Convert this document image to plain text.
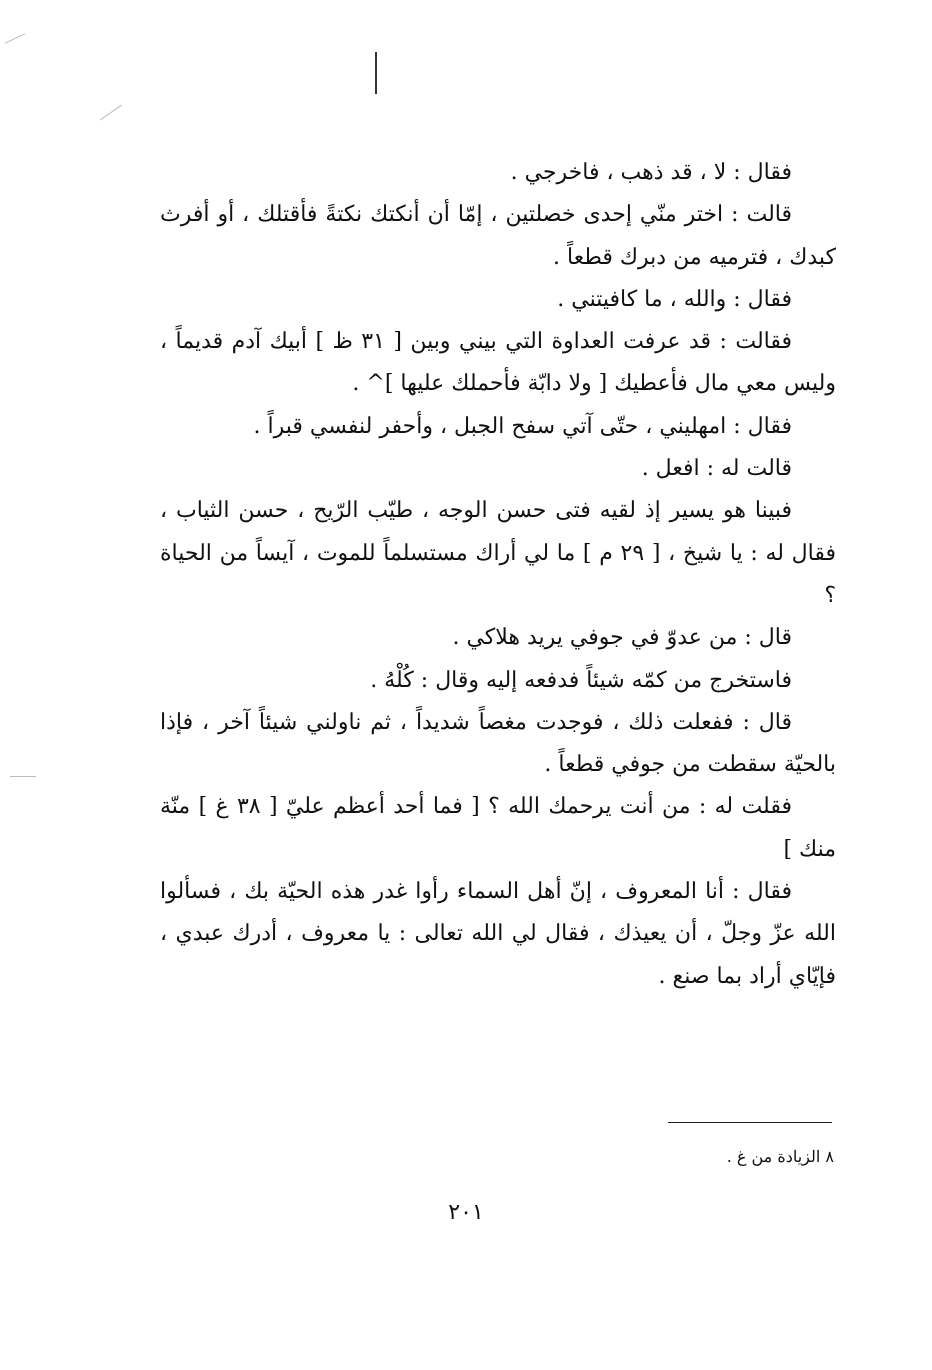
فقال : لا ، قد ذهب ، فاخرجي .

قالت : اختر منّي إحدى خصلتين ، إمّا أن أنكتك نكتةً فأقتلك ، أو أفرث كبدك ، فترميه من دبرك قطعاً .

فقال : والله ، ما كافيتني .

فقالت : قد عرفت العداوة التي بيني وبين [ ٣١ ظ ] أبيك آدم قديماً ، وليس معي مال فأعطيك [ ولا دابّة فأحملك عليها ]^ .

فقال : امهليني ، حتّى آتي سفح الجبل ، وأحفر لنفسي قبراً .

قالت له : افعل .

فبينا هو يسير إذ لقيه فتى حسن الوجه ، طيّب الرّيح ، حسن الثياب ، فقال له : يا شيخ ، [ ٢٩ م ] ما لي أراك مستسلماً للموت ، آيساً من الحياة ؟

قال : من عدوّ في جوفي يريد هلاكي .

فاستخرج من كمّه شيئاً فدفعه إليه وقال : كُلْهُ .

قال : ففعلت ذلك ، فوجدت مغصاً شديداً ، ثم ناولني شيئاً آخر ، فإذا بالحيّة سقطت من جوفي قطعاً .

فقلت له : من أنت يرحمك الله ؟ [ فما أحد أعظم عليّ [ ٣٨ غ ] منّة منك ]

فقال : أنا المعروف ، إنّ أهل السماء رأوا غدر هذه الحيّة بك ، فسألوا الله عزّ وجلّ ، أن يعيذك ، فقال لي الله تعالى : يا معروف ، أدرك عبدي ، فإيّاي أراد بما صنع .

٨ الزيادة من غ .
٢٠١
